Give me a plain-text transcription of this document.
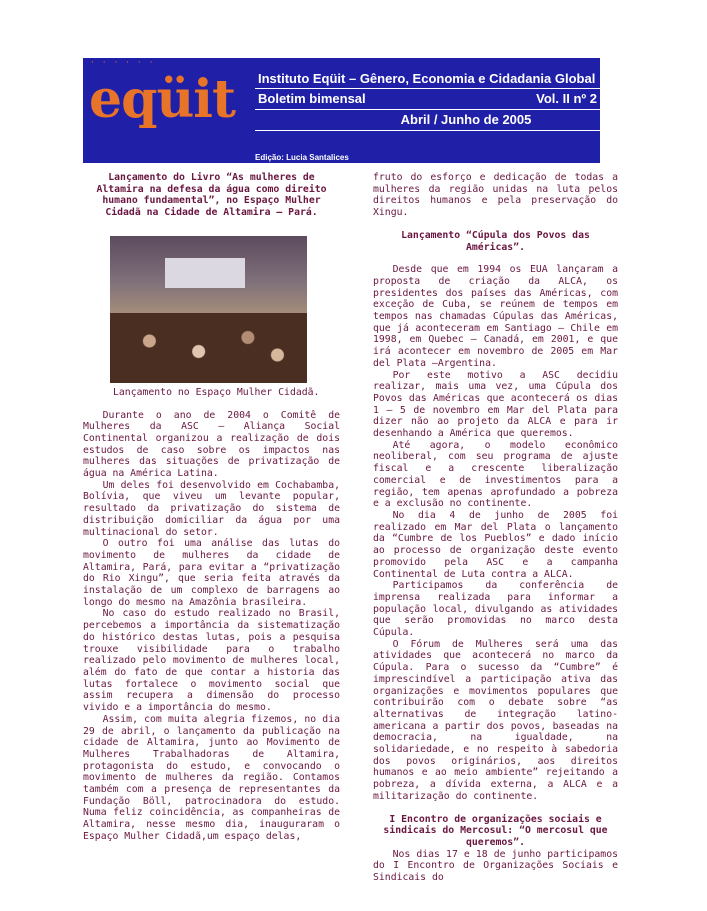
· · · · · ·
eqüit Instituto Eqüit – Gênero, Economia e Cidadania Global
Boletim bimensal	Vol. II nº 2
Abril / Junho de 2005
Edição: Lucia Santalices

Lançamento do Livro “As mulheres de Altamira na defesa da água como direito humano fundamental”, no Espaço Mulher Cidadã na Cidade de Altamira – Pará.

Lançamento no Espaço Mulher Cidadã.

Durante o ano de 2004 o Comitê de Mulheres da ASC – Aliança Social Continental organizou a realização de dois estudos de caso sobre os impactos nas mulheres das situações de privatização de água na América Latina.

Um deles foi desenvolvido em Cochabamba, Bolívia, que viveu um levante popular, resultado da privatização do sistema de distribuição domiciliar da água por uma multinacional do setor.

O outro foi uma análise das lutas do movimento de mulheres da cidade de Altamira, Pará, para evitar a “privatização do Rio Xingu”, que seria feita através da instalação de um complexo de barragens ao longo do mesmo na Amazônia brasileira.

No caso do estudo realizado no Brasil, percebemos a importância da sistematização do histórico destas lutas, pois a pesquisa trouxe visibilidade para o trabalho realizado pelo movimento de mulheres local, além do fato de que contar a historia das lutas fortalece o movimento social que assim recupera a dimensão do processo vivido e a importância do mesmo.

Assim, com muita alegria fizemos, no dia 29 de abril, o lançamento da publicação na cidade de Altamira, junto ao Movimento de Mulheres Trabalhadoras de Altamira, protagonista do estudo, e convocando o movimento de mulheres da região. Contamos também com a presença de representantes da Fundação Böll, patrocinadora do estudo. Numa feliz coincidência, as companheiras de Altamira, nesse mesmo dia, inauguraram o Espaço Mulher Cidadã,um espaço delas,

fruto do esforço e dedicação de todas a mulheres da região unidas na luta pelos direitos humanos e pela preservação do Xingu.

Lançamento “Cúpula dos Povos das Américas”.

Desde que em 1994 os EUA lançaram a proposta de criação da ALCA, os presidentes dos países das Américas, com exceção de Cuba, se reúnem de tempos em tempos nas chamadas Cúpulas das Américas, que já aconteceram em Santiago – Chile em 1998, em Quebec – Canadá, em 2001, e que irá acontecer em novembro de 2005 em Mar del Plata –Argentina.

Por este motivo a ASC decidiu realizar, mais uma vez, uma Cúpula dos Povos das Américas que acontecerá os dias 1 – 5 de novembro em Mar del Plata para dizer não ao projeto da ALCA e para ir desenhando a América que queremos.

Até agora, o modelo econômico neoliberal, com seu programa de ajuste fiscal e a crescente liberalização comercial e de investimentos para a região, tem apenas aprofundado a pobreza e a exclusão no continente.

No dia 4 de junho de 2005 foi realizado em Mar del Plata o lançamento da “Cumbre de los Pueblos” e dado início ao processo de organização deste evento promovido pela ASC e a campanha Continental de Luta contra a ALCA.

Participamos da conferência de imprensa realizada para informar a população local, divulgando as atividades que serão promovidas no marco desta Cúpula.

O Fórum de Mulheres será uma das atividades que acontecerá no marco da Cúpula. Para o sucesso da “Cumbre” é imprescindível a participação ativa das organizações e movimentos populares que contribuirão com o debate sobre “as alternativas de integração latino-americana a partir dos povos, baseadas na democracia, na igualdade, na solidariedade, e no respeito à sabedoria dos povos originários, aos direitos humanos e ao meio ambiente” rejeitando a pobreza, a dívida externa, a ALCA e a militarização do continente.

I Encontro de organizações sociais e sindicais do Mercosul: “O mercosul que queremos”.

Nos dias 17 e 18 de junho participamos do I Encontro de Organizações Sociais e Sindicais do
